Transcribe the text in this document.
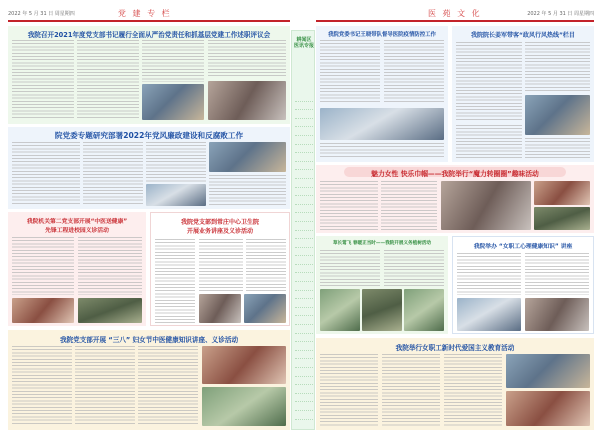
2022 年 5 月 31 日 周星期四	党 建 专 栏
我院召开2021年度党支部书记履行全面从严治党责任和抓基层党建工作述职评议会
院党委专题研究部署2022年党风廉政建设和反腐败工作
我院机关第二党支部开展“中医送健康”
先锋工程进校园义诊活动
我院党支部到常庄中心卫生院
开展业务讲座及义诊活动
我院党支部开展 “三八” 妇女节中医健康知识讲座、义诊活动
耕闻区 医讯专报
医 苑 文 化	2022 年 5 月 31 日 周星期四
我院党委书记王晓带队督导医院疫情防控工作	我院院长姜军带客“政风行风热线”栏目
魅力女性 快乐巾帼——我院举行“魔力转圈圈”趣味活动
草长莺飞 春暖正当时——我院开展义务植树活动
我院举办 “女职工心理健康知识” 讲座
我院举行女职工新时代爱国主义教育活动
